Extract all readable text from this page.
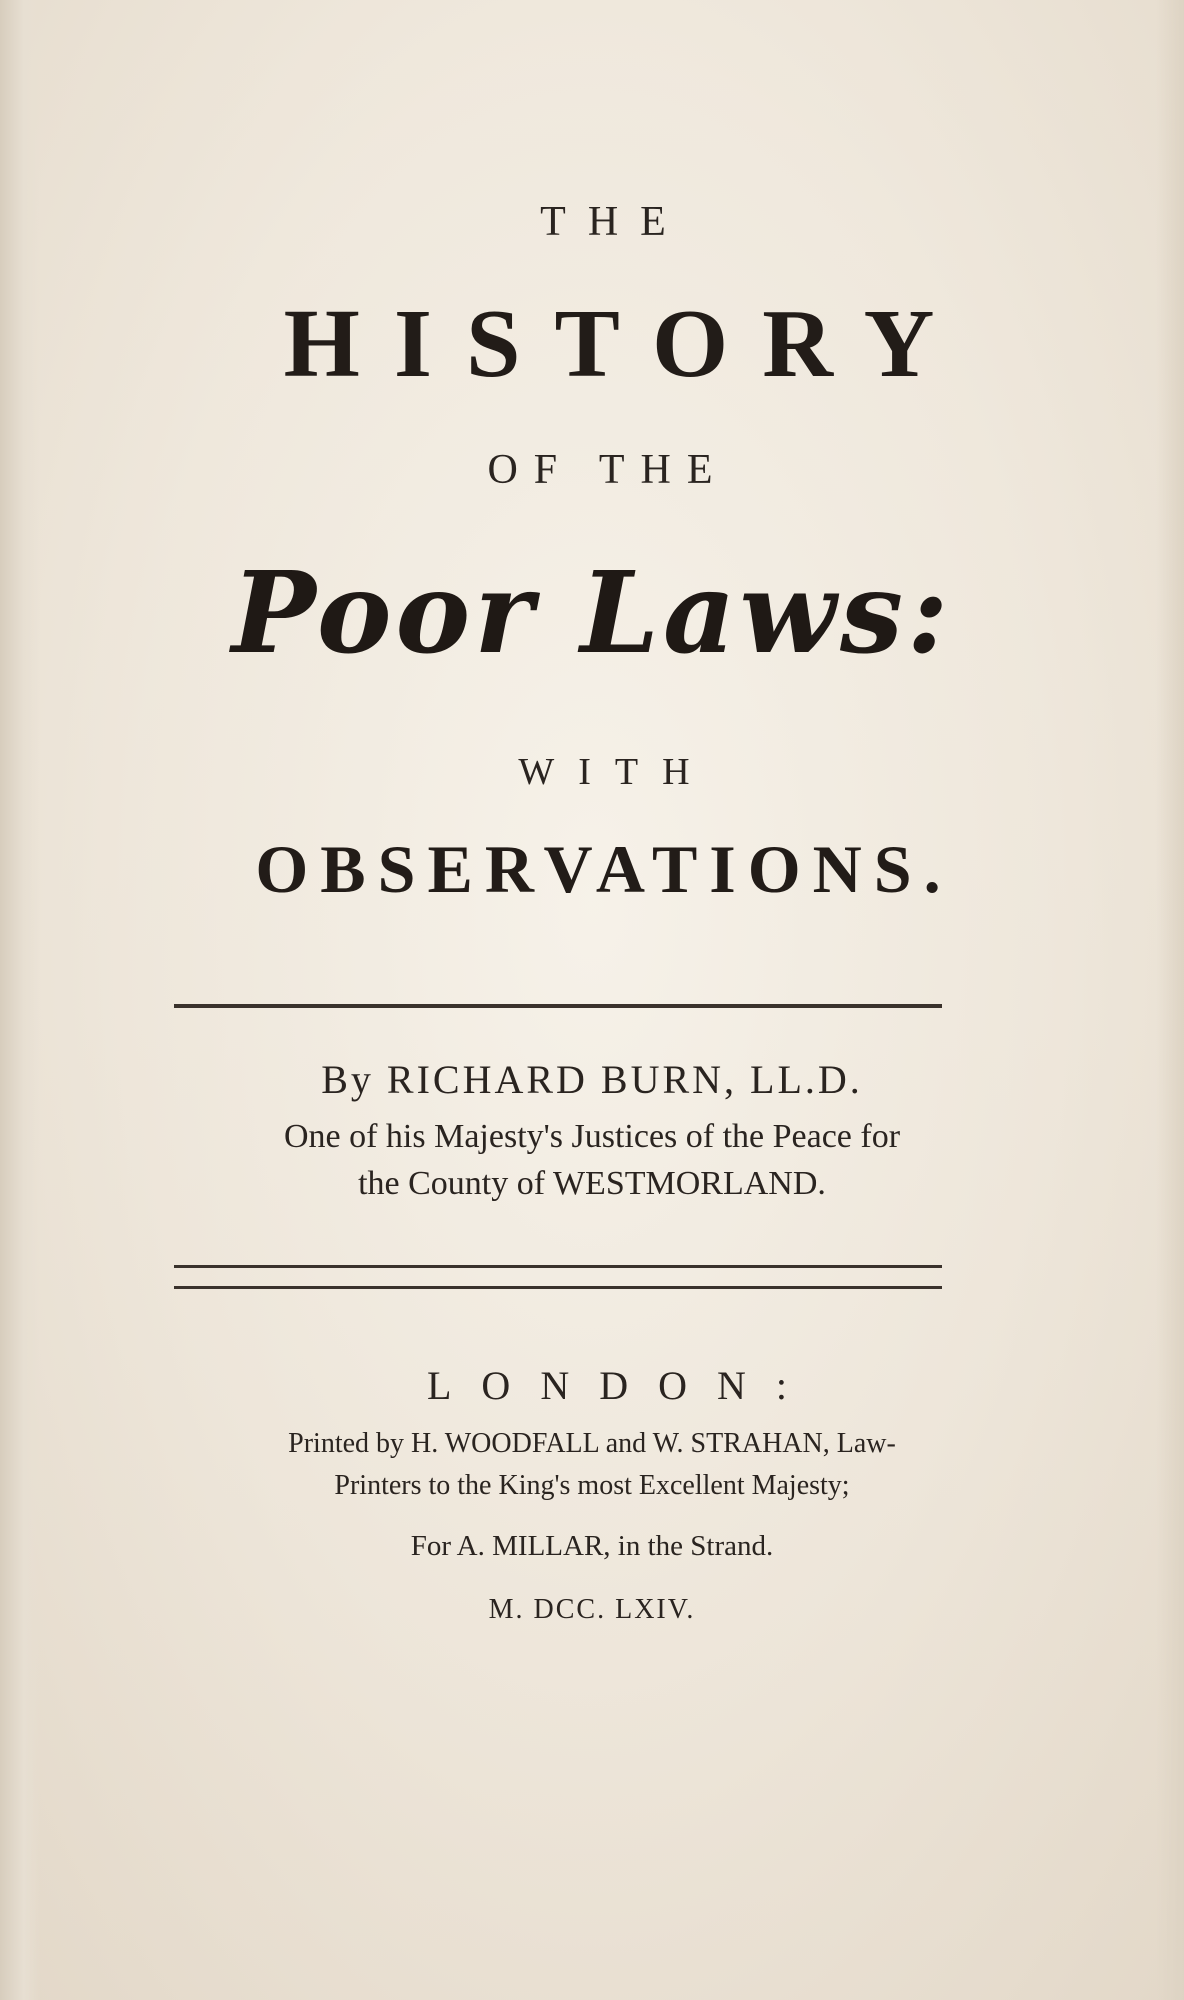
THE
HISTORY
OF THE
Poor Laws:
WITH
OBSERVATIONS.
By RICHARD BURN, LL.D.
One of his Majesty's Justices of the Peace for
the County of WESTMORLAND.
LONDON:
Printed by H. WOODFALL and W. STRAHAN, Law-
Printers to the King's most Excellent Majesty;
For A. MILLAR, in the Strand.
M. DCC. LXIV.
